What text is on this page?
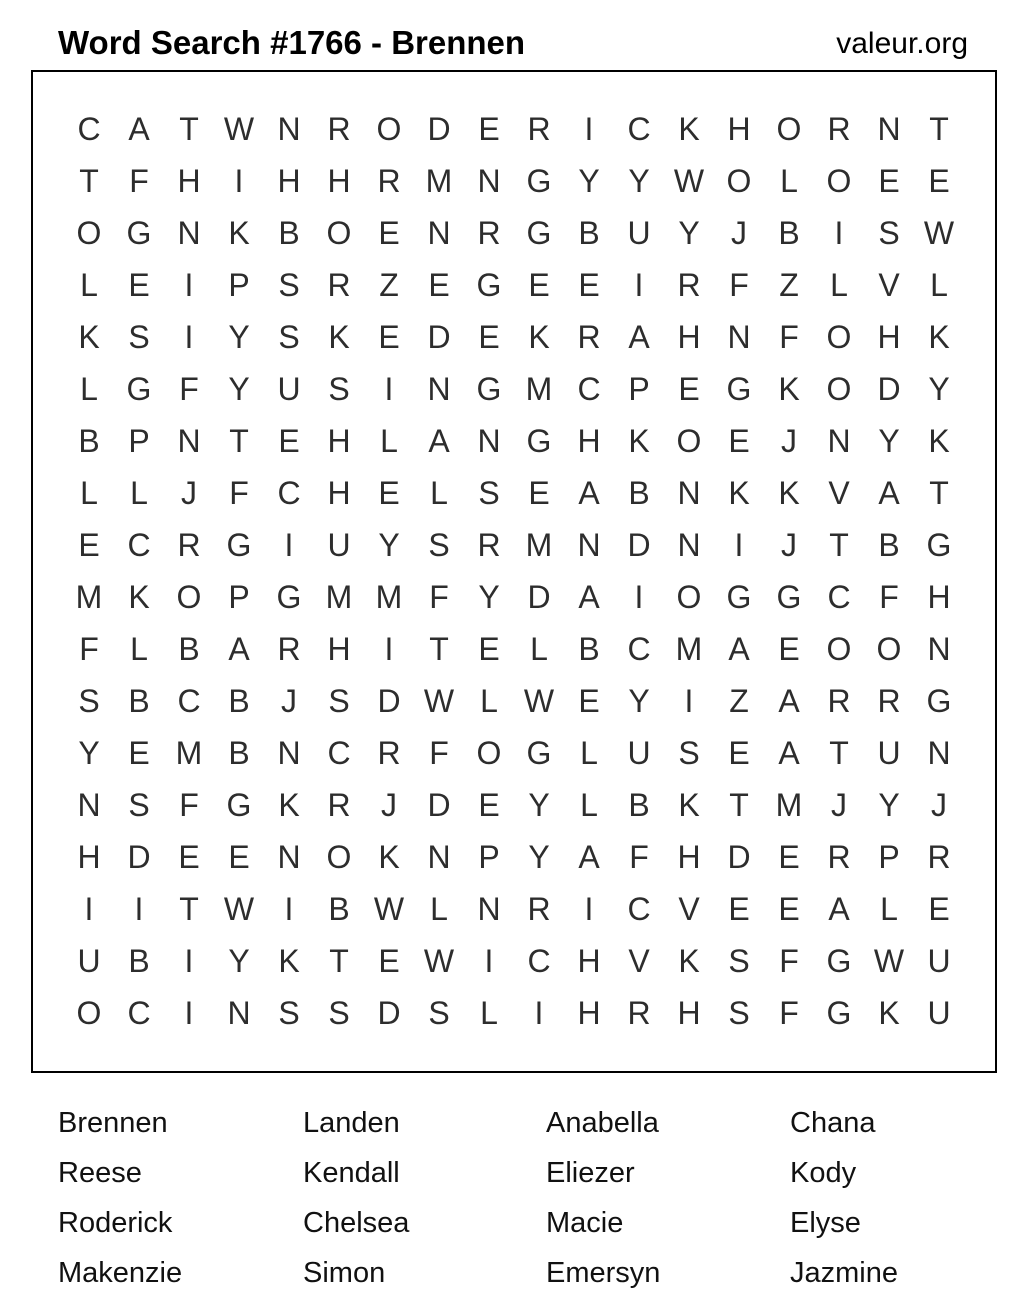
Word Search #1766 - Brennen	valeur.org
C A T W N R O D E R I C K H O R N T
T F H I H H R M N G Y Y W O L O E E
O G N K B O E N R G B U Y J B I S W
L E I P S R Z E G E E I R F Z L V L
K S I Y S K E D E K R A H N F O H K
L G F Y U S I N G M C P E G K O D Y
B P N T E H L A N G H K O E J N Y K
L L J F C H E L S E A B N K K V A T
E C R G I U Y S R M N D N I J T B G
M K O P G M M F Y D A I O G G C F H
F L B A R H I T E L B C M A E O O N
S B C B J S D W L W E Y I Z A R R G
Y E M B N C R F O G L U S E A T U N
N S F G K R J D E Y L B K T M J Y J
H D E E N O K N P Y A F H D E R P R
I I T W I B W L N R I C V E E A L E
U B I Y K T E W I C H V K S F G W U
O C I N S S D S L I H R H S F G K U
Brennen
Reese
Roderick
Makenzie
Landen
Kendall
Chelsea
Simon
Anabella
Eliezer
Macie
Emersyn
Chana
Kody
Elyse
Jazmine
